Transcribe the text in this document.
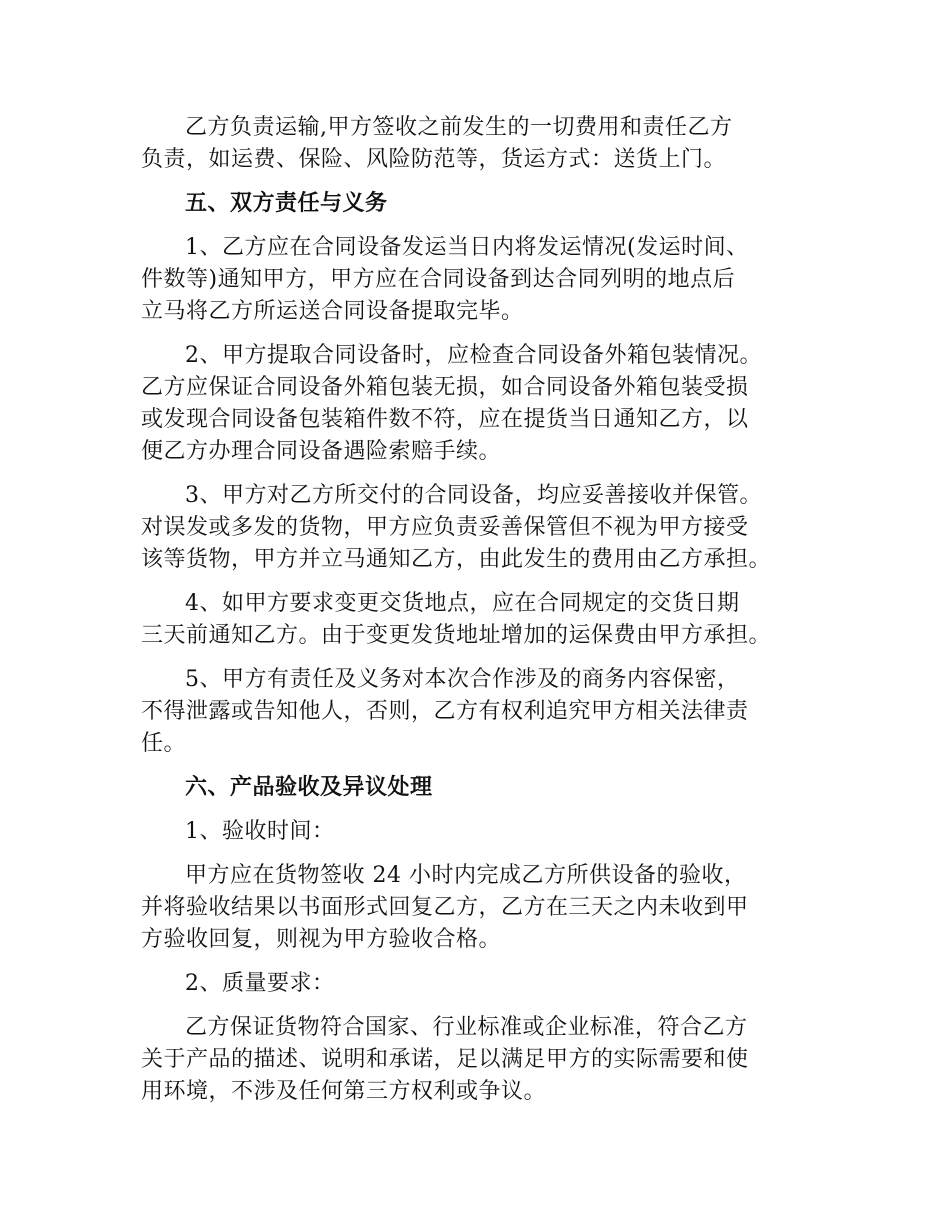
乙方负责运输,甲方签收之前发生的一切费用和责任乙方
负责，如运费、保险、风险防范等，货运方式：送货上门。

五、双方责任与义务

1、乙方应在合同设备发运当日内将发运情况(发运时间、
件数等)通知甲方，甲方应在合同设备到达合同列明的地点后
立马将乙方所运送合同设备提取完毕。

2、甲方提取合同设备时，应检查合同设备外箱包装情况。
乙方应保证合同设备外箱包装无损，如合同设备外箱包装受损
或发现合同设备包装箱件数不符，应在提货当日通知乙方，以
便乙方办理合同设备遇险索赔手续。

3、甲方对乙方所交付的合同设备，均应妥善接收并保管。
对误发或多发的货物，甲方应负责妥善保管但不视为甲方接受
该等货物，甲方并立马通知乙方，由此发生的费用由乙方承担。

4、如甲方要求变更交货地点，应在合同规定的交货日期
三天前通知乙方。由于变更发货地址增加的运保费由甲方承担。

5、甲方有责任及义务对本次合作涉及的商务内容保密，
不得泄露或告知他人，否则，乙方有权利追究甲方相关法律责
任。

六、产品验收及异议处理

1、验收时间：

甲方应在货物签收 24 小时内完成乙方所供设备的验收，
并将验收结果以书面形式回复乙方，乙方在三天之内未收到甲
方验收回复，则视为甲方验收合格。

2、质量要求：

乙方保证货物符合国家、行业标准或企业标准，符合乙方
关于产品的描述、说明和承诺，足以满足甲方的实际需要和使
用环境，不涉及任何第三方权利或争议。
